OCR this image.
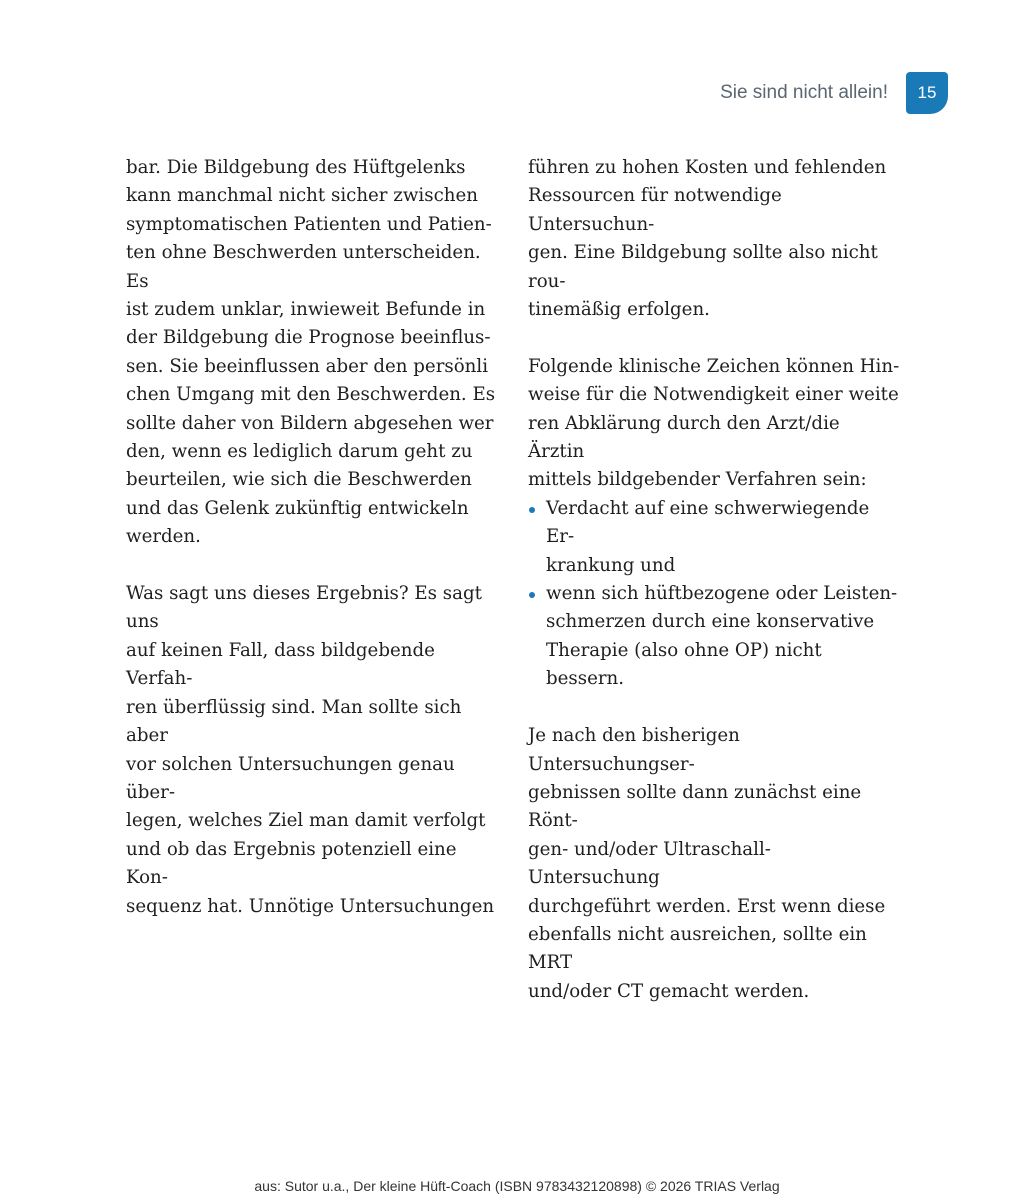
Sie sind nicht allein!	15

bar. Die Bildgebung des Hüftgelenks
kann manchmal nicht sicher zwischen
symptomatischen Patienten und Patien-
ten ohne Beschwerden unterscheiden. Es
ist zudem unklar, inwieweit Befunde in
der Bildgebung die Prognose beeinflus-
sen. Sie beeinflussen aber den persönli
chen Umgang mit den Beschwerden. Es
sollte daher von Bildern abgesehen wer
den, wenn es lediglich darum geht zu
beurteilen, wie sich die Beschwerden
und das Gelenk zukünftig entwickeln
werden.

Was sagt uns dieses Ergebnis? Es sagt uns
auf keinen Fall, dass bildgebende Verfah-
ren überflüssig sind. Man sollte sich aber
vor solchen Untersuchungen genau über-
legen, welches Ziel man damit verfolgt
und ob das Ergebnis potenziell eine Kon-
sequenz hat. Unnötige Untersuchungen

führen zu hohen Kosten und fehlenden
Ressourcen für notwendige Untersuchun-
gen. Eine Bildgebung sollte also nicht rou-
tinemäßig erfolgen.

Folgende klinische Zeichen können Hin-
weise für die Notwendigkeit einer weite
ren Abklärung durch den Arzt/die Ärztin
mittels bildgebender Verfahren sein:

Verdacht auf eine schwerwiegende Er-
krankung und
wenn sich hüftbezogene oder Leisten-
schmerzen durch eine konservative
Therapie (also ohne OP) nicht bessern.

Je nach den bisherigen Untersuchungser-
gebnissen sollte dann zunächst eine Rönt-
gen- und/oder Ultraschall-Untersuchung
durchgeführt werden. Erst wenn diese
ebenfalls nicht ausreichen, sollte ein MRT
und/oder CT gemacht werden.

aus: Sutor u.a., Der kleine Hüft-Coach (ISBN 9783432120898) © 2026 TRIAS Verlag
